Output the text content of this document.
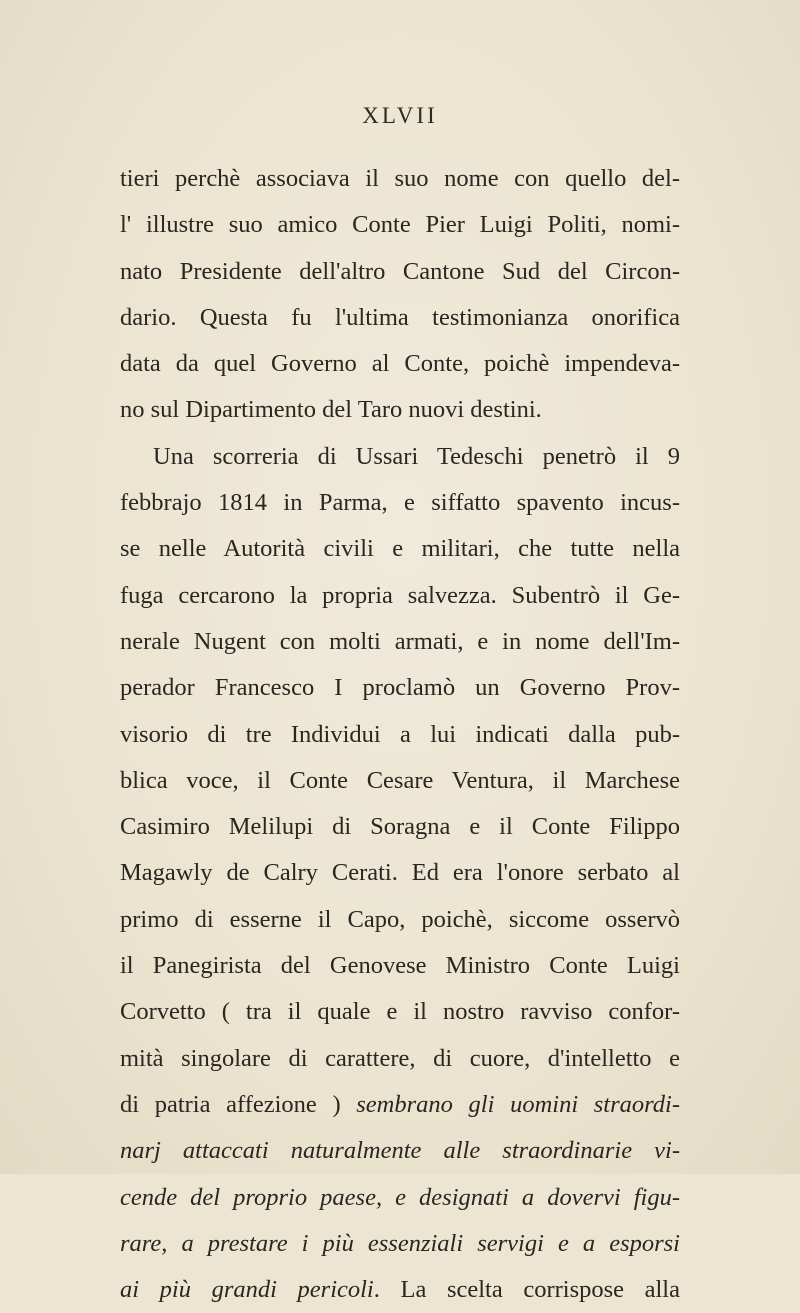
XLVII
tieri perchè associava il suo nome con quello del-
l' illustre suo amico Conte Pier Luigi Politi, nomi-
nato Presidente dell'altro Cantone Sud del Circon-
dario. Questa fu l'ultima testimonianza onorifica
data da quel Governo al Conte, poichè impendeva-
no sul Dipartimento del Taro nuovi destini.
Una scorreria di Ussari Tedeschi penetrò il 9
febbrajo 1814 in Parma, e siffatto spavento incus-
se nelle Autorità civili e militari, che tutte nella
fuga cercarono la propria salvezza. Subentrò il Ge-
nerale Nugent con molti armati, e in nome dell'Im-
perador Francesco I proclamò un Governo Prov-
visorio di tre Individui a lui indicati dalla pub-
blica voce, il Conte Cesare Ventura, il Marchese
Casimiro Melilupi di Soragna e il Conte Filippo
Magawly de Calry Cerati. Ed era l'onore serbato al
primo di esserne il Capo, poichè, siccome osservò
il Panegirista del Genovese Ministro Conte Luigi
Corvetto ( tra il quale e il nostro ravviso confor-
mità singolare di carattere, di cuore, d'intelletto e
di patria affezione ) sembrano gli uomini straordi-
narj attaccati naturalmente alle straordinarie vi-
cende del proprio paese, e designati a dovervi figu-
rare, a prestare i più essenziali servigi e a esporsi
ai più grandi pericoli. La scelta corrispose alla
